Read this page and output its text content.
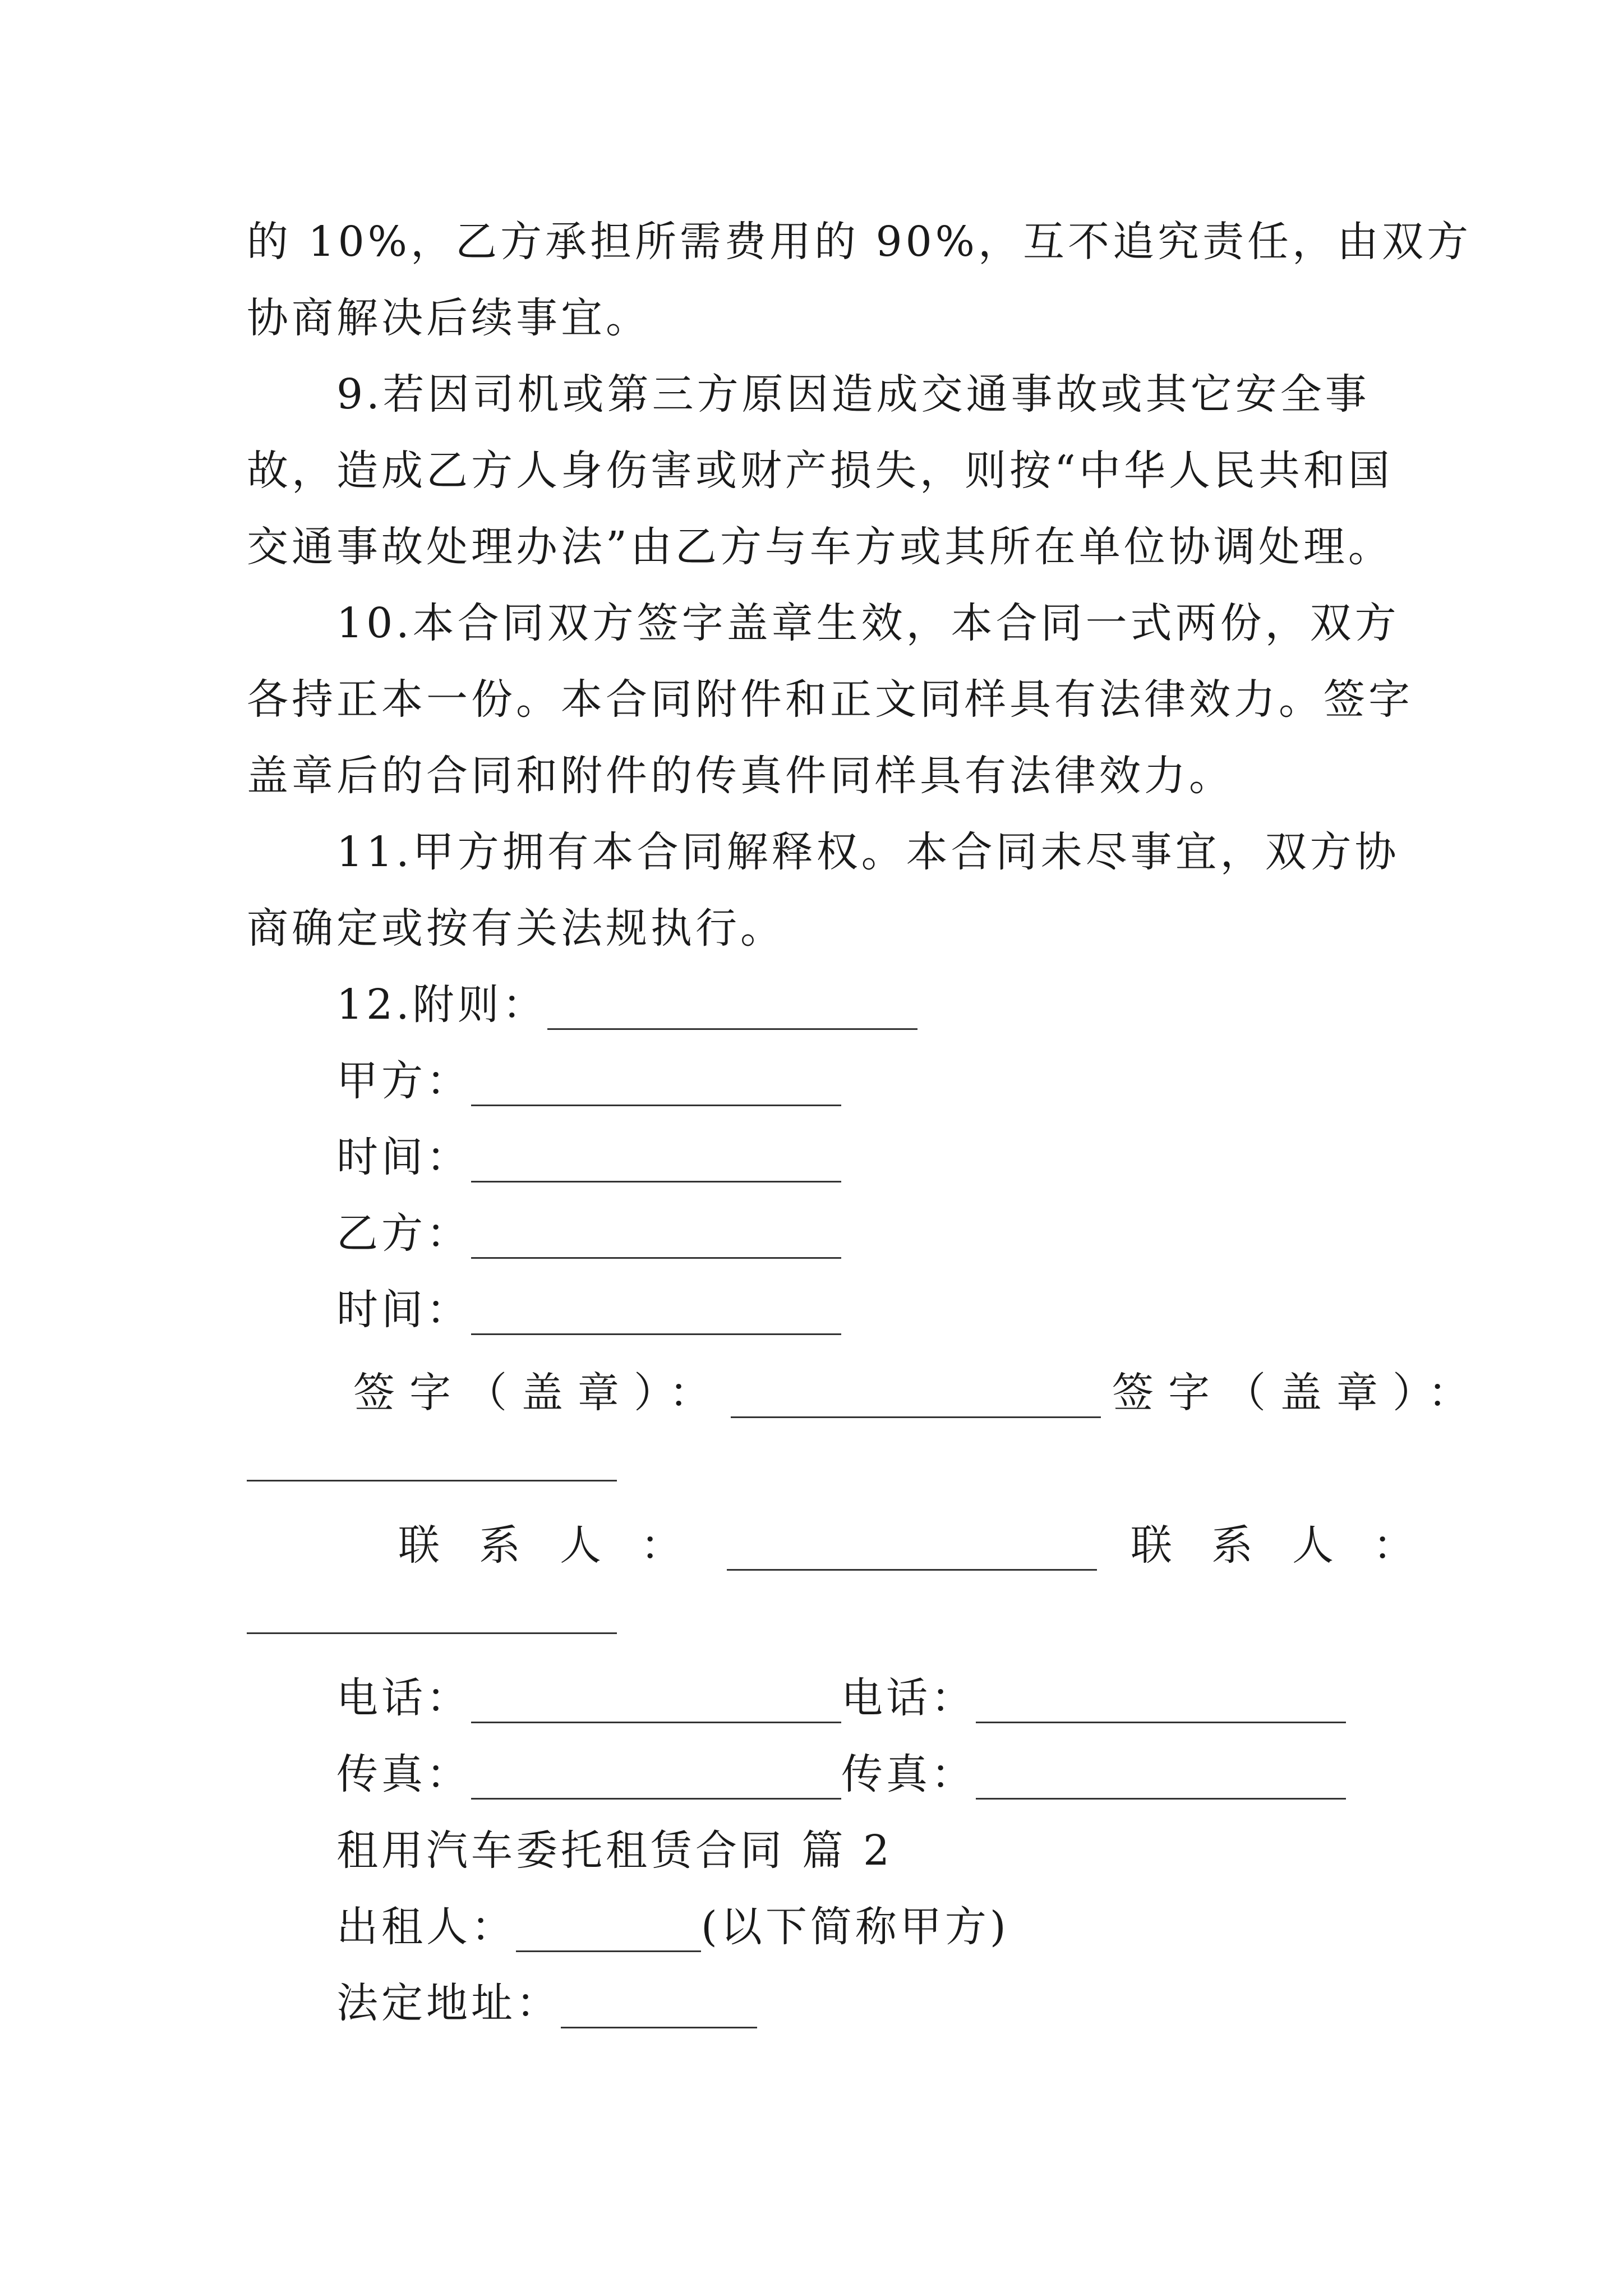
的 10%，乙方承担所需费用的 90%，互不追究责任，由双方
协商解决后续事宜。
9.若因司机或第三方原因造成交通事故或其它安全事
故，造成乙方人身伤害或财产损失，则按“中华人民共和国
交通事故处理办法”由乙方与车方或其所在单位协调处理。
10.本合同双方签字盖章生效，本合同一式两份，双方
各持正本一份。本合同附件和正文同样具有法律效力。签字
盖章后的合同和附件的传真件同样具有法律效力。
11.甲方拥有本合同解释权。本合同未尽事宜，双方协
商确定或按有关法规执行。
12.附则：
甲方：
时间：
乙方：
时间：
签字（盖章）：	签字（盖章）：
联系人：	联系人：
电话：	电话：
传真：	传真：
租用汽车委托租赁合同 篇 2
出租人：	(以下简称甲方)
法定地址：
